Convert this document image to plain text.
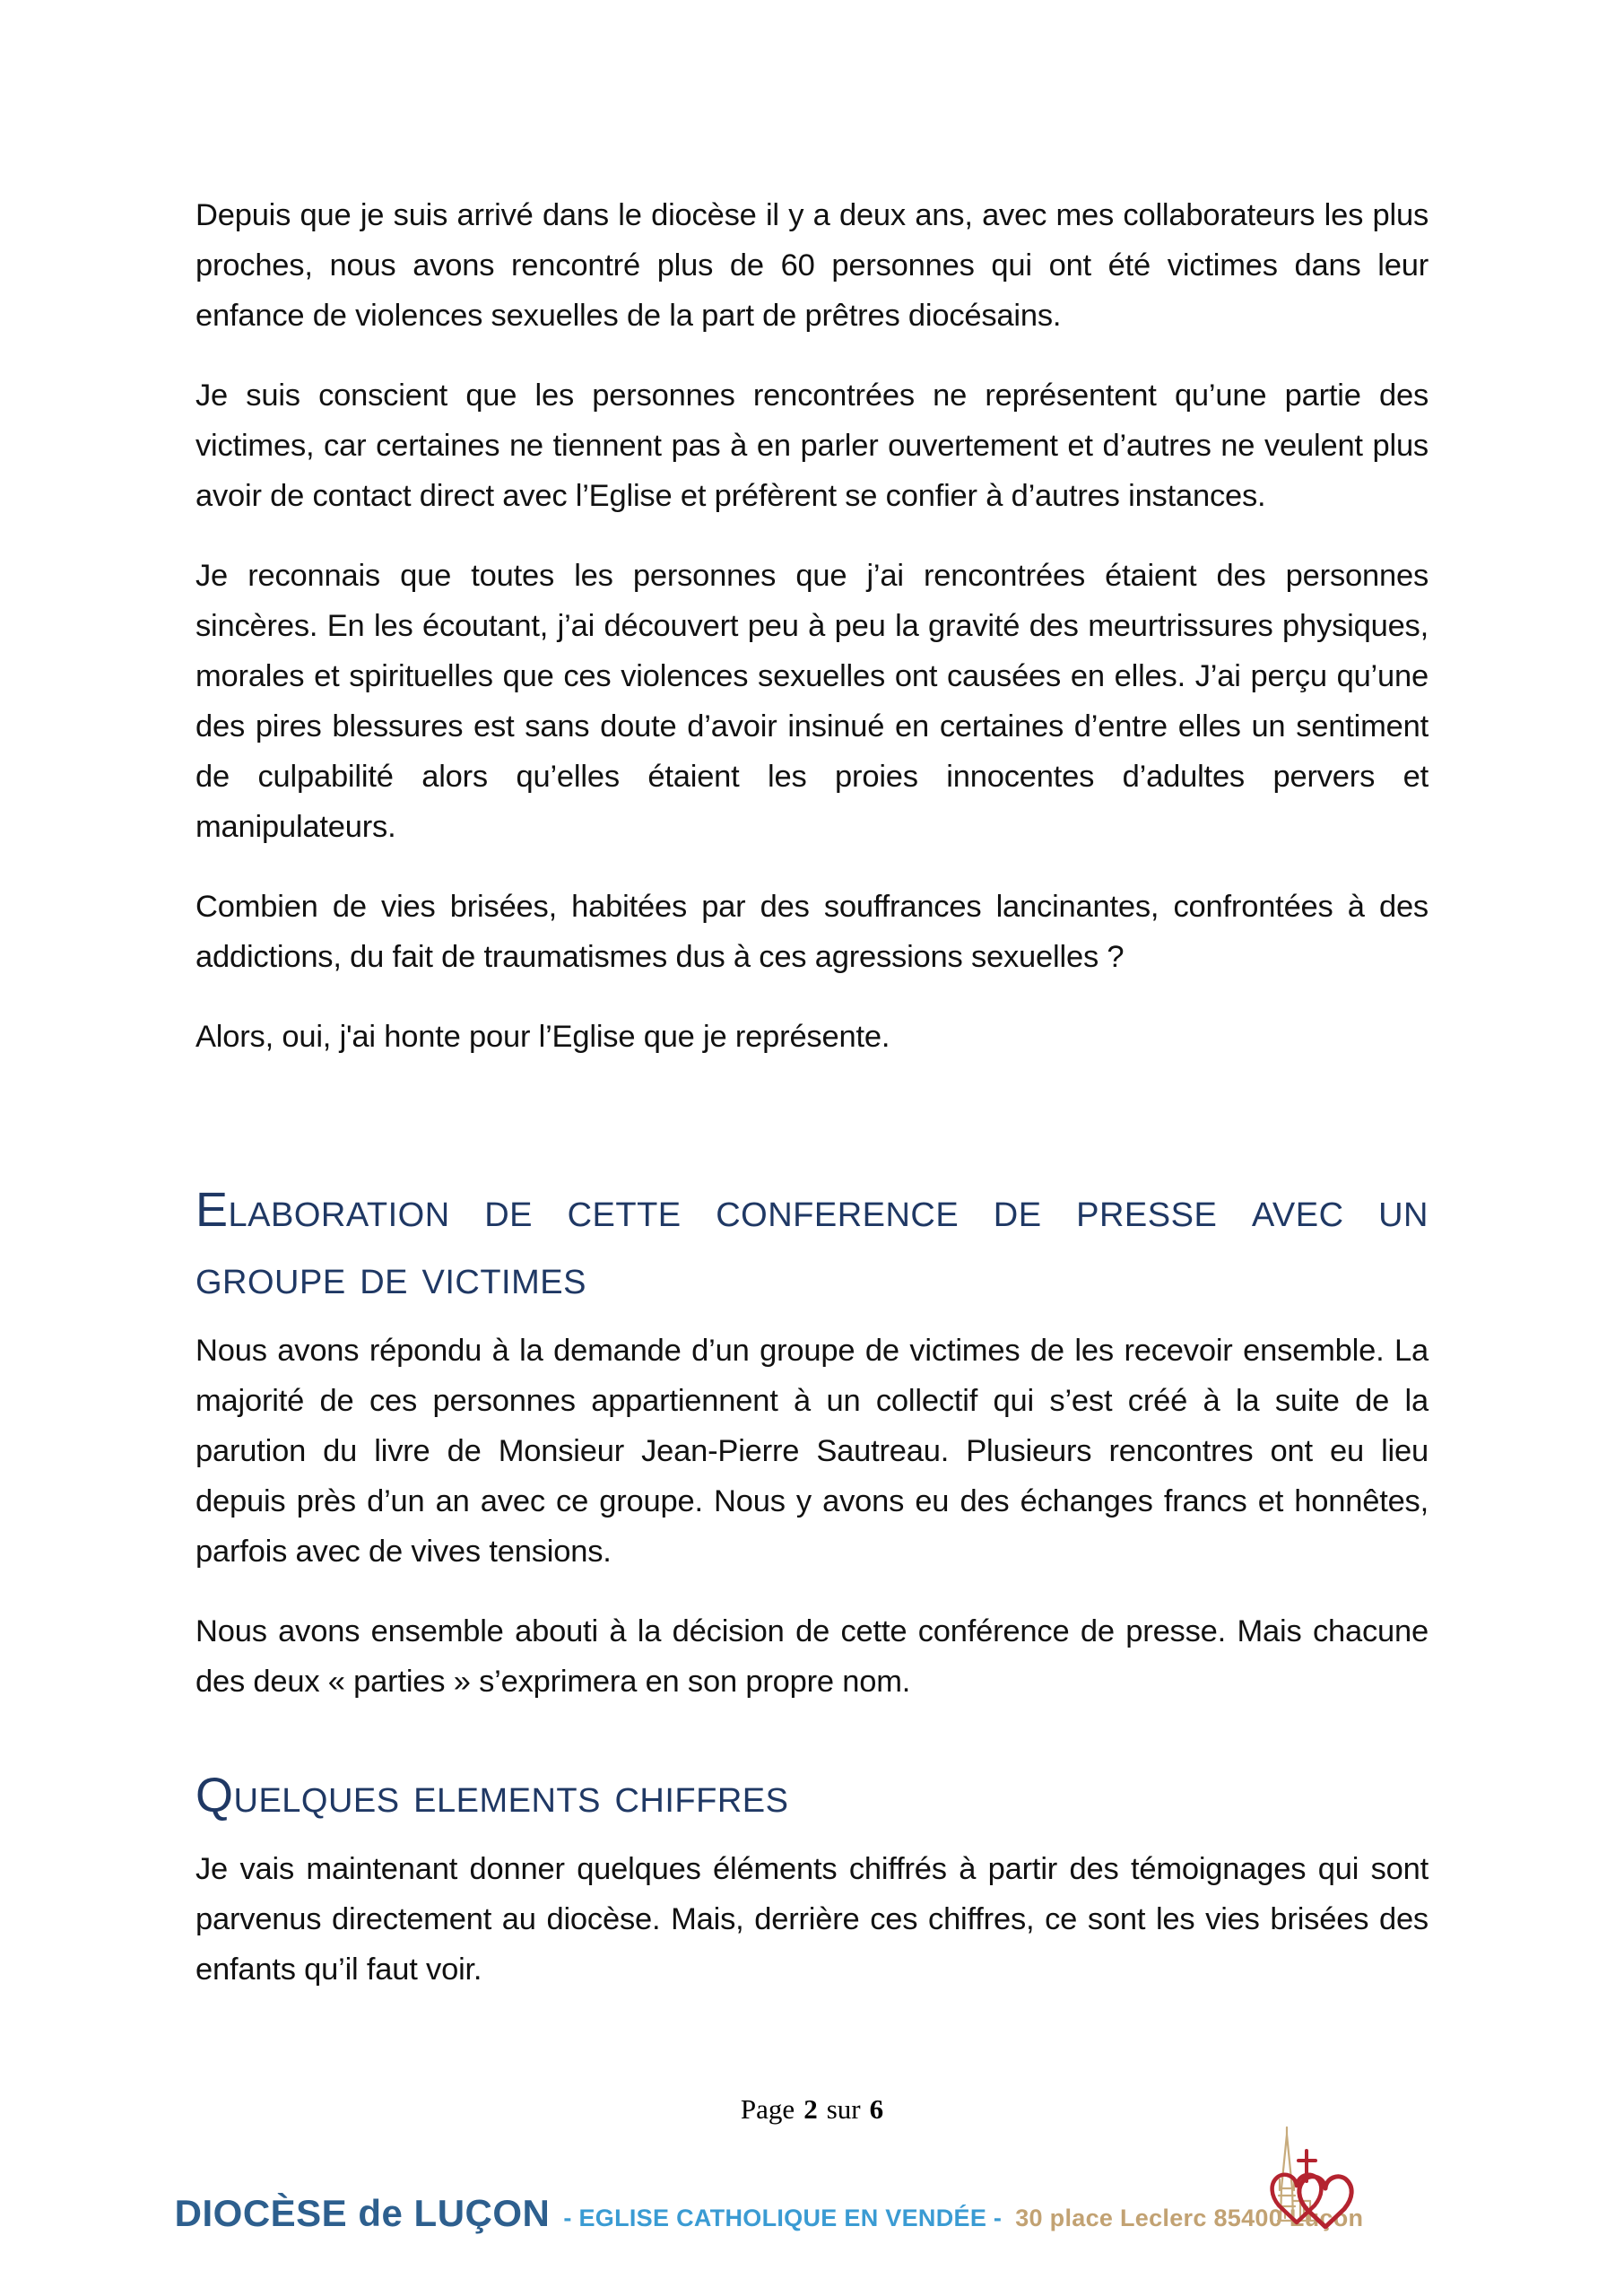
Depuis que je suis arrivé dans le diocèse il y a deux ans, avec mes collaborateurs les plus proches, nous avons rencontré plus de 60 personnes qui ont été victimes dans leur enfance de violences sexuelles de la part de prêtres diocésains.

Je suis conscient que les personnes rencontrées ne représentent qu’une partie des victimes, car certaines ne tiennent pas à en parler ouvertement et d’autres ne veulent plus avoir de contact direct avec l’Eglise et préfèrent se confier à d’autres instances.

Je reconnais que toutes les personnes que j’ai rencontrées étaient des personnes sincères. En les écoutant, j’ai découvert peu à peu la gravité des meurtrissures physiques, morales et spirituelles que ces violences sexuelles ont causées en elles. J’ai perçu qu’une des pires blessures est sans doute d’avoir insinué en certaines d’entre elles un sentiment de culpabilité alors qu’elles étaient les proies innocentes d’adultes pervers et manipulateurs.

Combien de vies brisées, habitées par des souffrances lancinantes, confrontées à des addictions, du fait de traumatismes dus à ces agressions sexuelles ?

Alors, oui, j'ai honte pour l’Eglise que je représente.

Elaboration de cette conference de presse avec un groupe de victimes

Nous avons répondu à la demande d’un groupe de victimes de les recevoir ensemble. La majorité de ces personnes appartiennent à un collectif qui s’est créé à la suite de la parution du livre de Monsieur Jean-Pierre Sautreau. Plusieurs rencontres ont eu lieu depuis près d’un an avec ce groupe. Nous y avons eu des échanges francs et honnêtes, parfois avec de vives tensions.

Nous avons ensemble abouti à la décision de cette conférence de presse. Mais chacune des deux « parties » s’exprimera en son propre nom.

Quelques elements chiffres

Je vais maintenant donner quelques éléments chiffrés à partir des témoignages qui sont parvenus directement au diocèse. Mais, derrière ces chiffres, ce sont les vies brisées des enfants qu’il faut voir.

Page 2 sur 6
DIOCÈSE de LUÇON - EGLISE CATHOLIQUE EN VENDÉE - 30 place Leclerc 85400 Luçon
